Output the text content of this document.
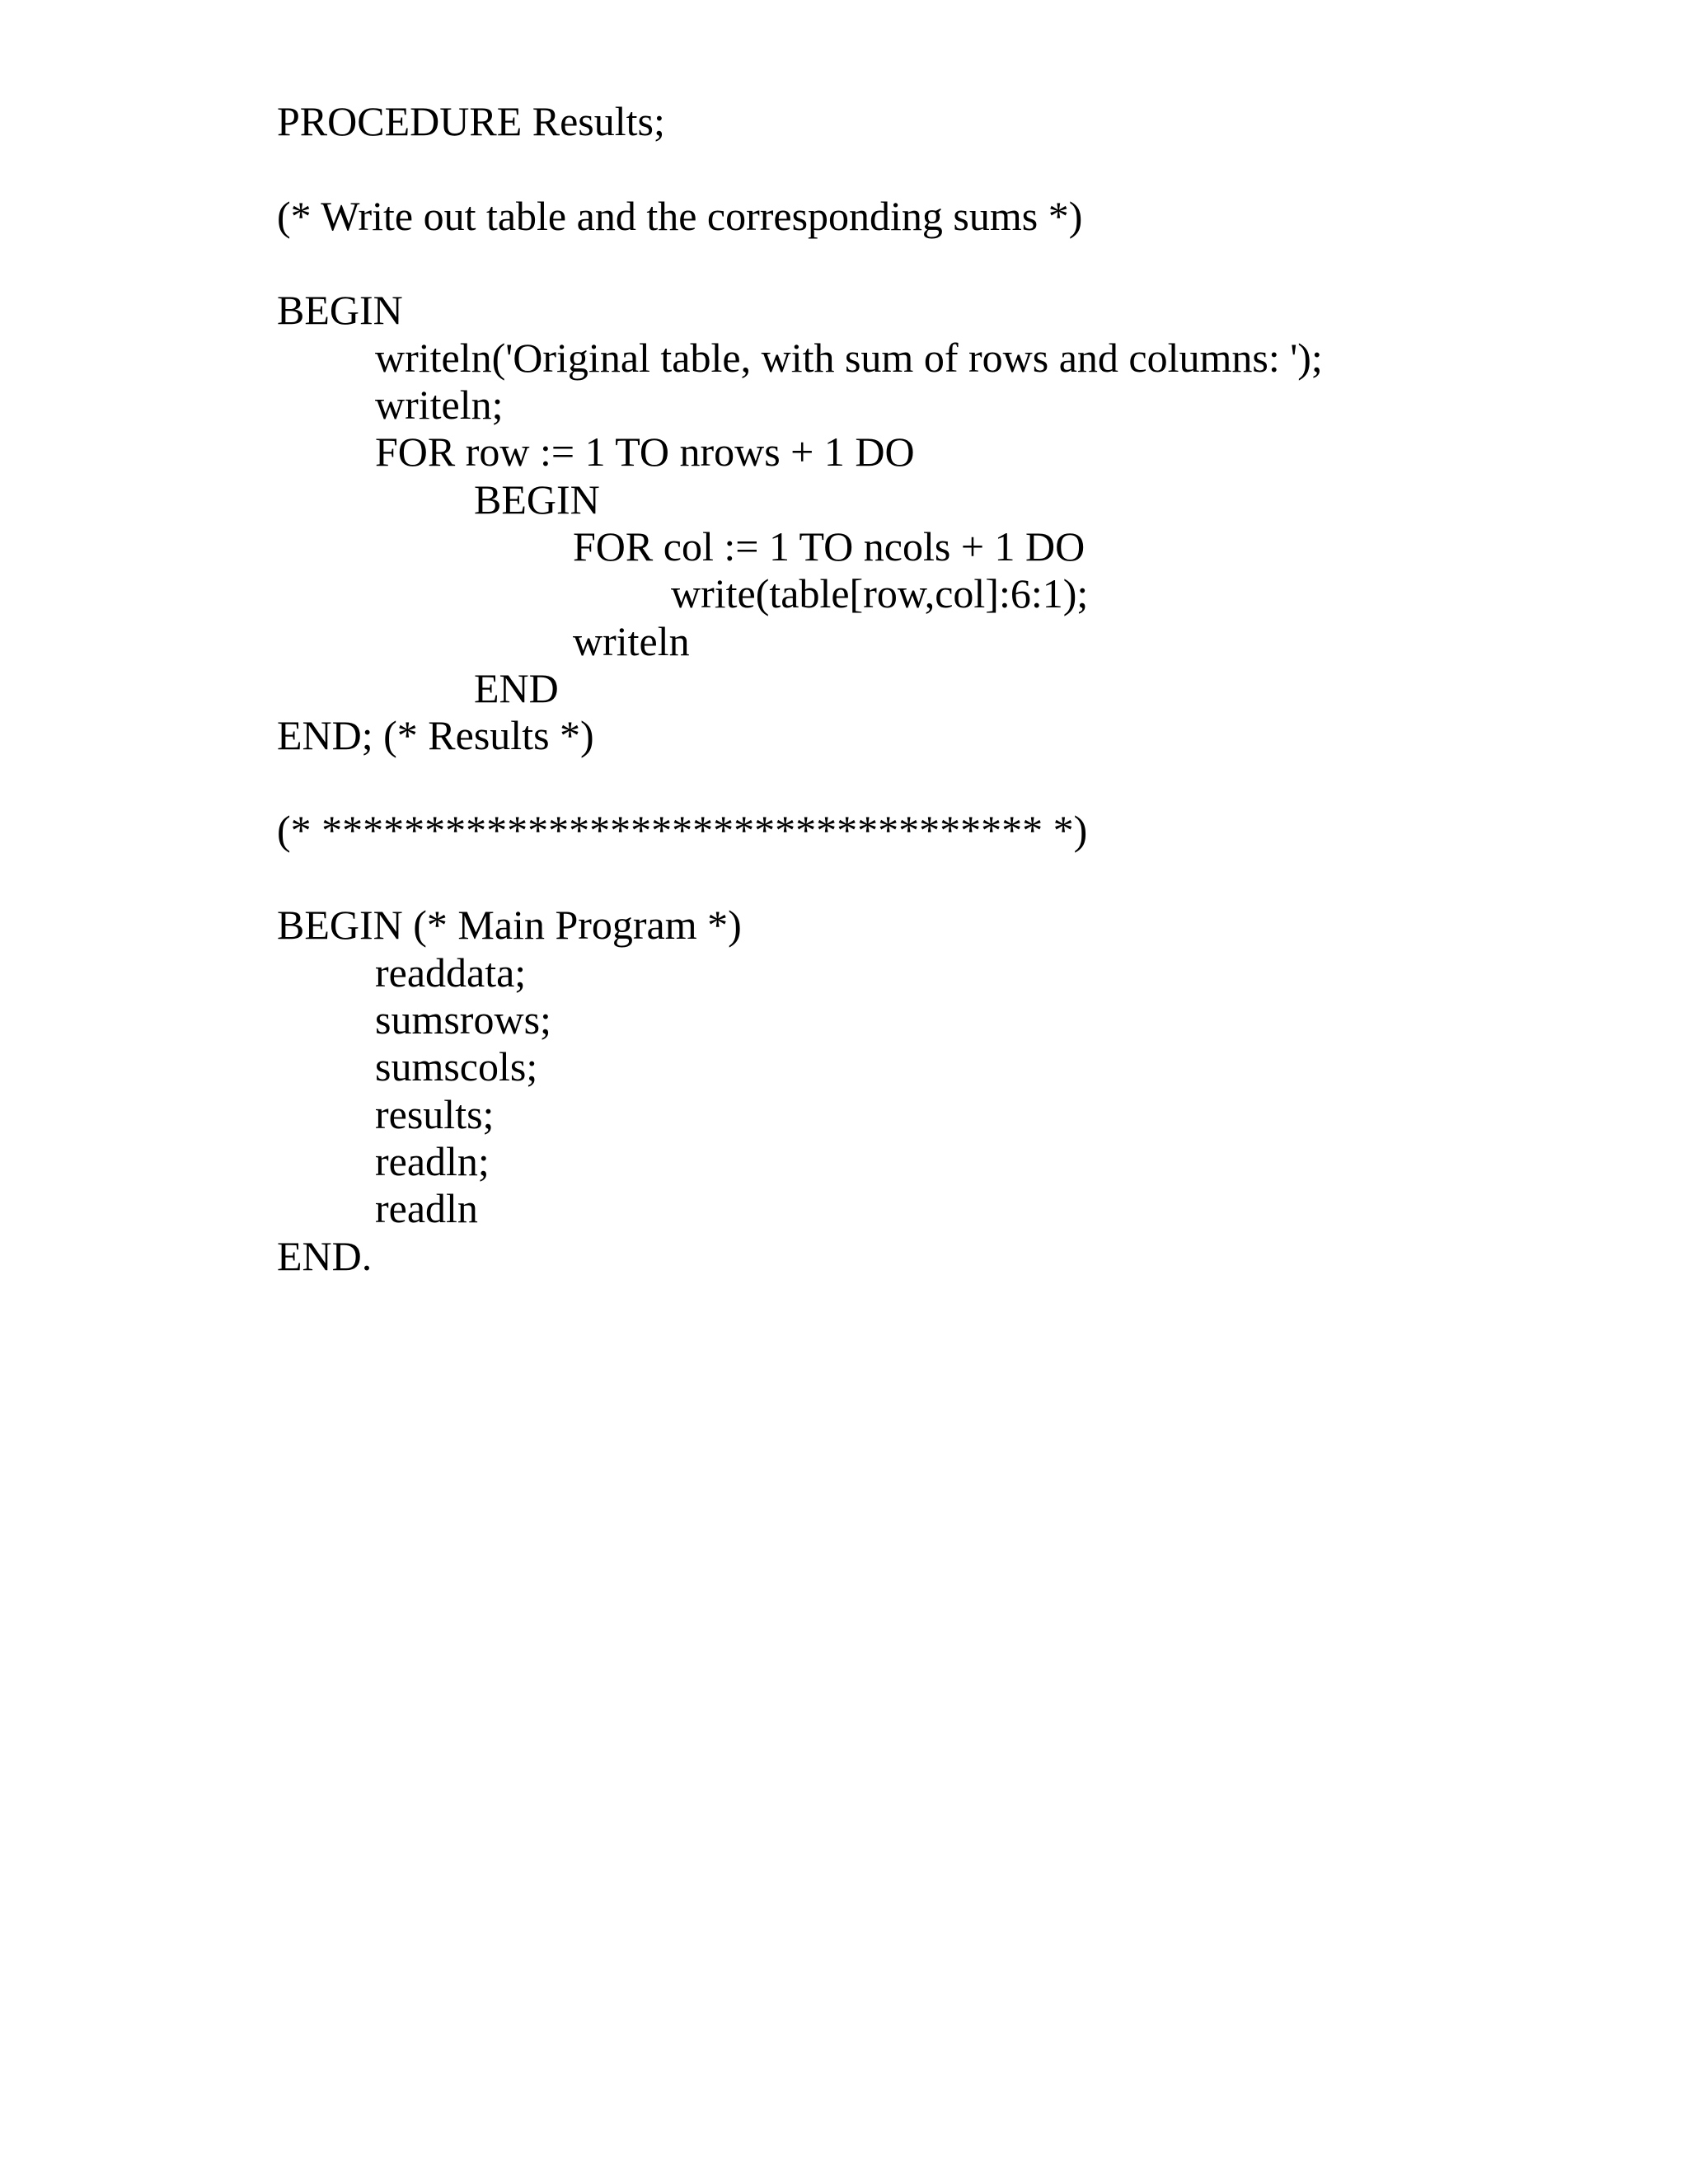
PROCEDURE Results;

(* Write out table and the corresponding sums *)

BEGIN

writeln('Original table, with sum of rows and columns: ');

writeln;

FOR row := 1 TO nrows + 1 DO

BEGIN

FOR col := 1 TO ncols + 1 DO

write(table[row,col]:6:1);

writeln

END

END; (* Results *)

(* *********************************** *)

BEGIN (* Main Program *)

readdata;

sumsrows;

sumscols;

results;

readln;

readln

END.
